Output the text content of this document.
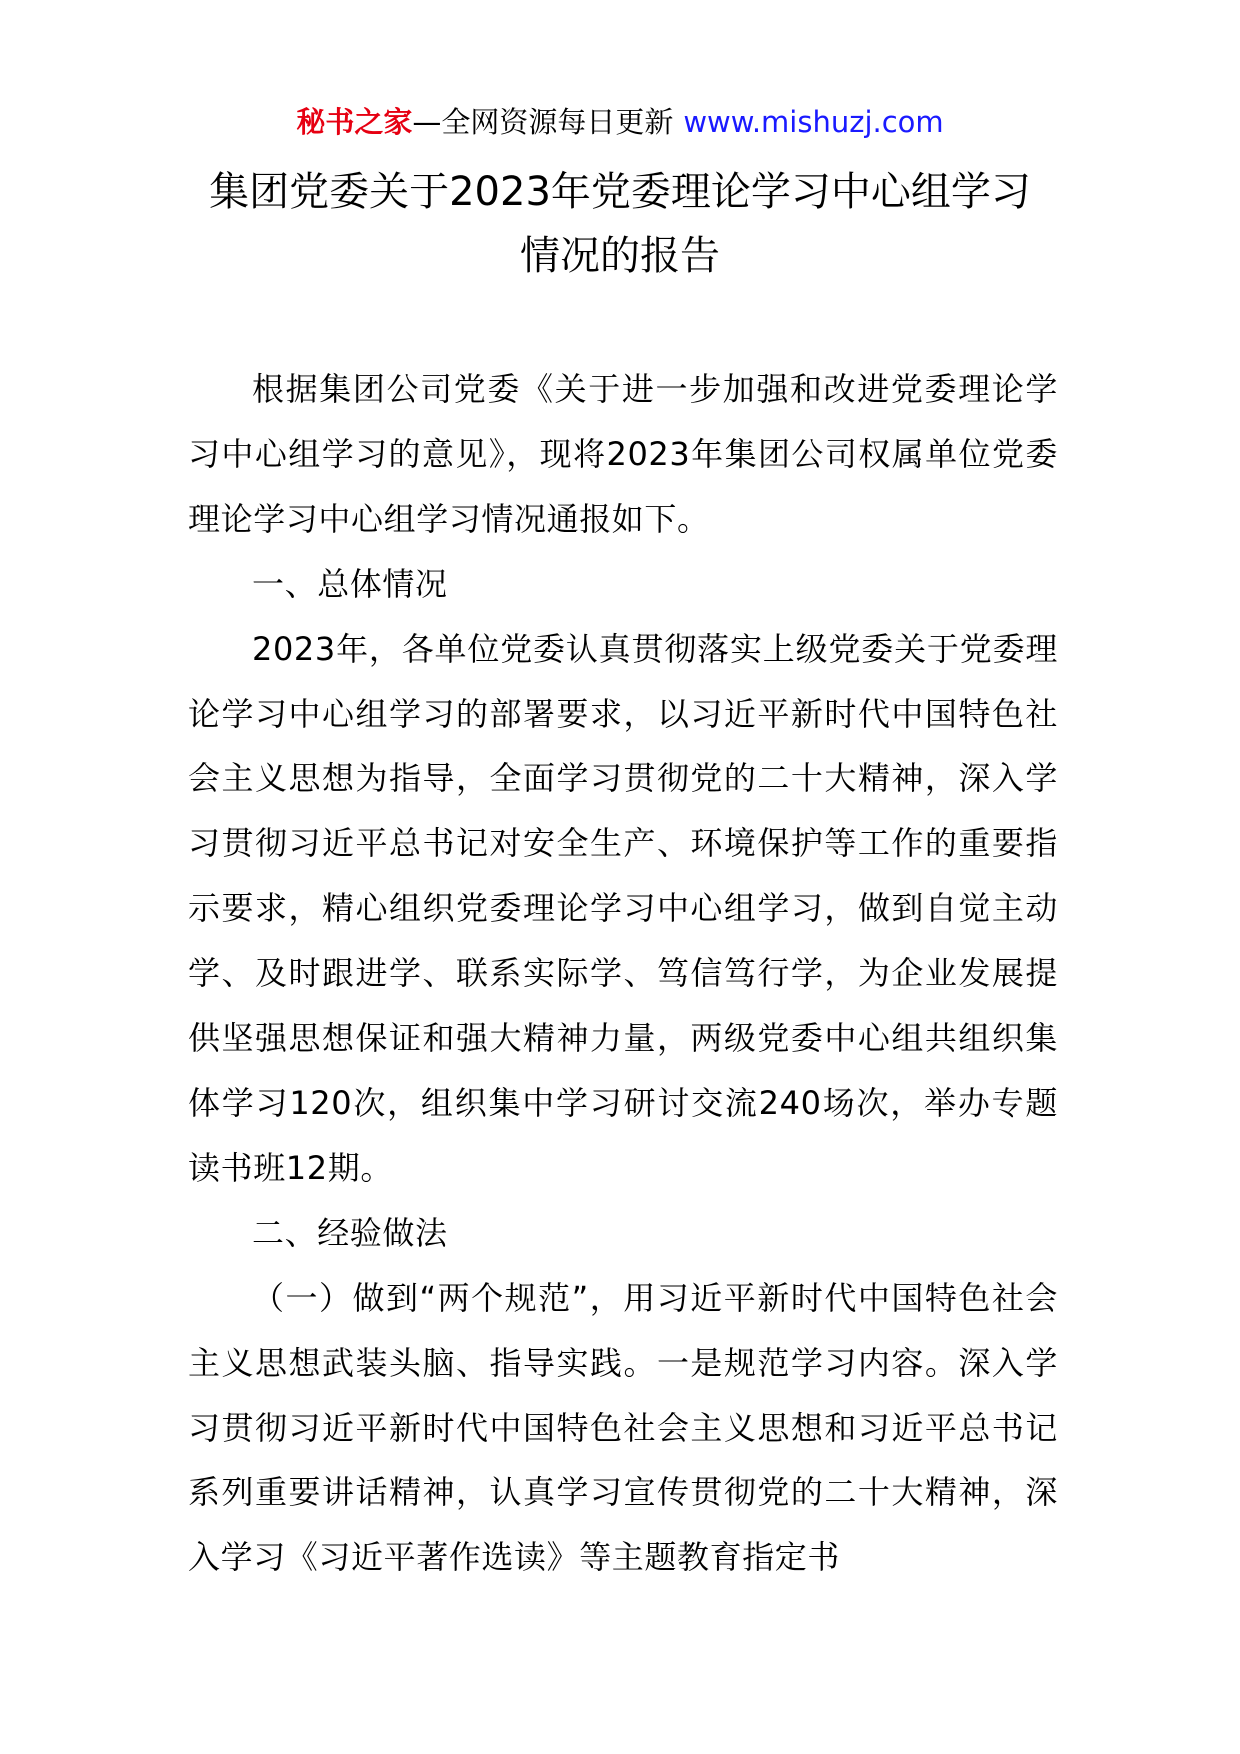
秘书之家—全网资源每日更新 www.mishuzj.com
集团党委关于2023年党委理论学习中心组学习
情况的报告

根据集团公司党委《关于进一步加强和改进党委理论学习中心组学习的意见》，现将2023年集团公司权属单位党委理论学习中心组学习情况通报如下。

一、总体情况

2023年，各单位党委认真贯彻落实上级党委关于党委理论学习中心组学习的部署要求，以习近平新时代中国特色社会主义思想为指导，全面学习贯彻党的二十大精神，深入学习贯彻习近平总书记对安全生产、环境保护等工作的重要指示要求，精心组织党委理论学习中心组学习，做到自觉主动学、及时跟进学、联系实际学、笃信笃行学，为企业发展提供坚强思想保证和强大精神力量，两级党委中心组共组织集体学习120次，组织集中学习研讨交流240场次，举办专题读书班12期。

二、经验做法

（一）做到“两个规范”，用习近平新时代中国特色社会主义思想武装头脑、指导实践。一是规范学习内容。深入学习贯彻习近平新时代中国特色社会主义思想和习近平总书记系列重要讲话精神，认真学习宣传贯彻党的二十大精神，深入学习《习近平著作选读》等主题教育指定书
